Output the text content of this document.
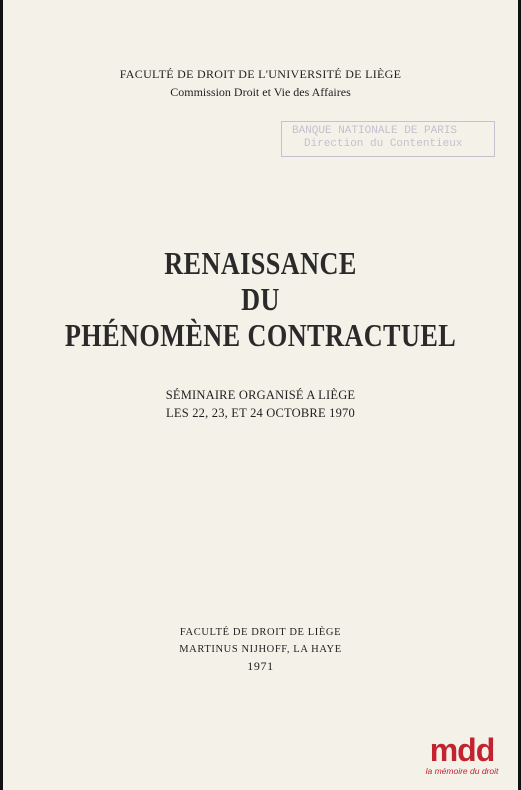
FACULTÉ DE DROIT DE L'UNIVERSITÉ DE LIÈGE
Commission Droit et Vie des Affaires
BANQUE NATIONALE DE PARIS
Direction du Contentieux
RENAISSANCE
DU
PHÉNOMÈNE CONTRACTUEL
SÉMINAIRE ORGANISÉ A LIÈGE
LES 22, 23, ET 24 OCTOBRE 1970
FACULTÉ DE DROIT DE LIÈGE
MARTINUS NIJHOFF, LA HAYE
1971
mdd
la mémoire du droit
